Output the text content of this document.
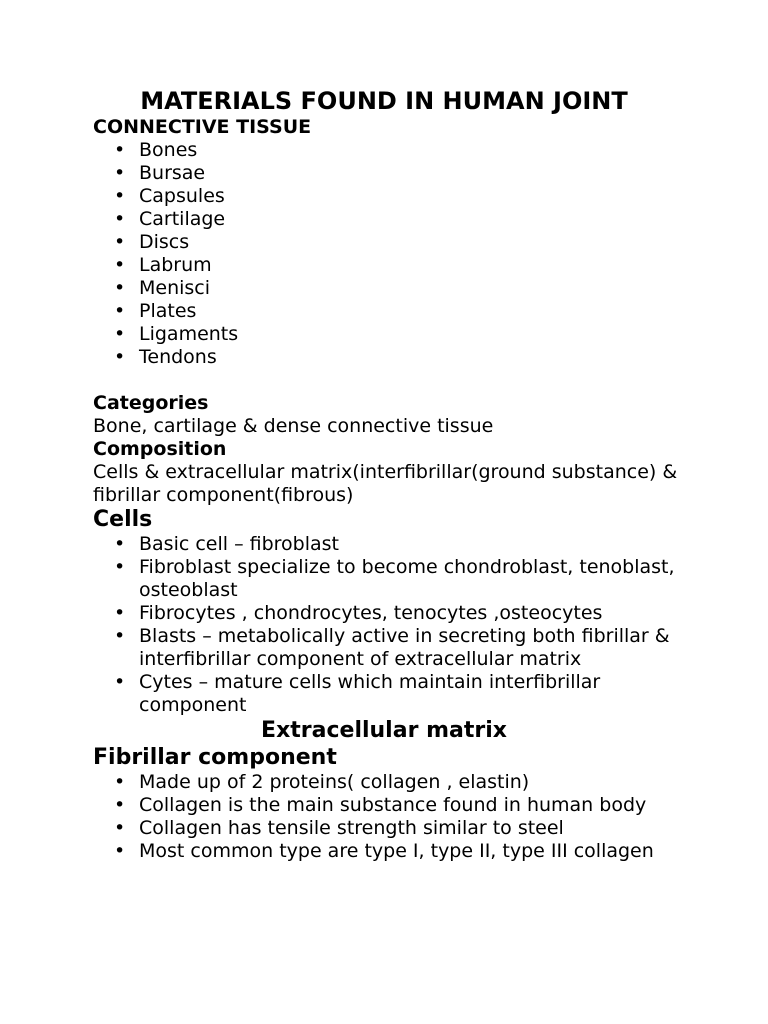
MATERIALS FOUND IN HUMAN JOINT
CONNECTIVE TISSUE
• Bones
• Bursae
• Capsules
• Cartilage
• Discs
• Labrum
• Menisci
• Plates
• Ligaments
• Tendons
Categories

Bone, cartilage & dense connective tissue

Composition

Cells & extracellular matrix(interfibrillar(ground substance) & fibrillar component(fibrous)

Cells
• Basic cell – fibroblast
• Fibroblast specialize to become chondroblast, tenoblast, osteoblast
• Fibrocytes , chondrocytes, tenocytes ,osteocytes
• Blasts – metabolically active in secreting both fibrillar & interfibrillar component of extracellular matrix
• Cytes – mature cells which maintain interfibrillar component
Extracellular matrix
Fibrillar component
• Made up of 2 proteins( collagen , elastin)
• Collagen is the main substance found in human body
• Collagen has tensile strength similar to steel
• Most common type are type I, type II, type III collagen
